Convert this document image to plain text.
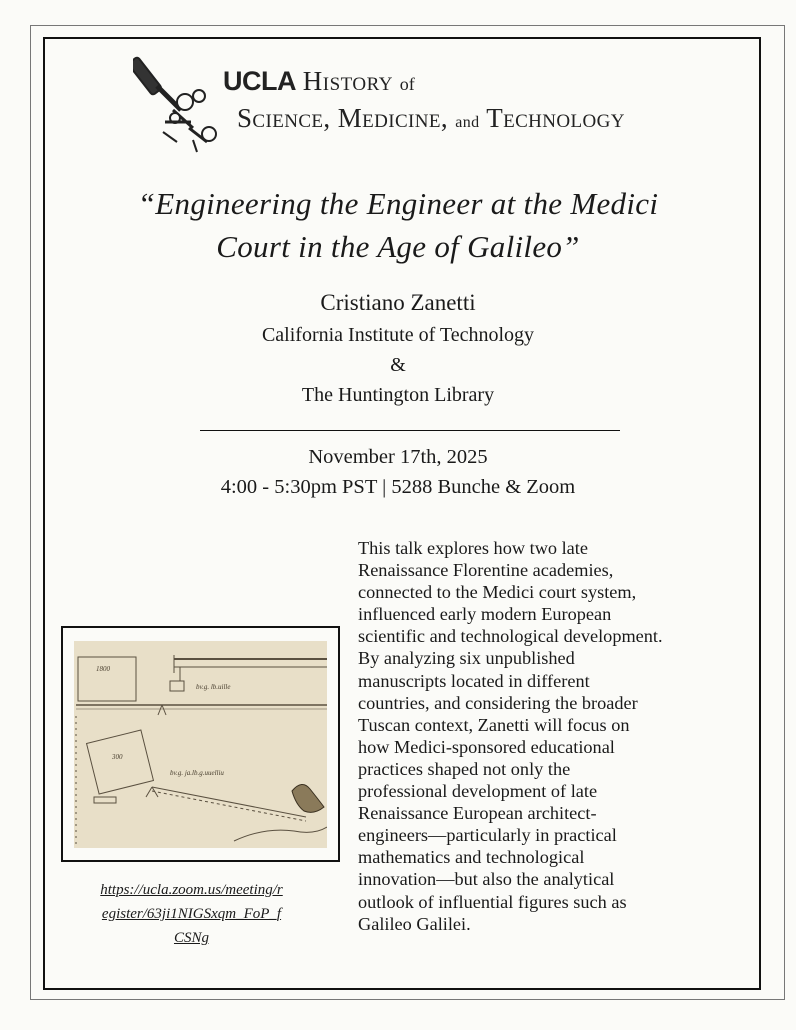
UCLA History of
Science, Medicine, and Technology
“Engineering the Engineer at the Medici
Court in the Age of Galileo”
Cristiano Zanetti
California Institute of Technology
&
The Huntington Library
November 17th, 2025
4:00 - 5:30pm PST | 5288 Bunche & Zoom
This talk explores how two late
Renaissance Florentine academies,
connected to the Medici court system,
influenced early modern European
scientific and technological development.
By analyzing six unpublished
manuscripts located in different
countries, and considering the broader
Tuscan context, Zanetti will focus on
how Medici-sponsored educational
practices shaped not only the
professional development of late
Renaissance European architect-
engineers—particularly in practical
mathematics and technological
innovation—but also the analytical
outlook of influential figures such as
Galileo Galilei.
1800
300
bv.g. lb.uille
bv.g. ja.lb.g.uuelliu
https://ucla.zoom.us/meeting/r
egister/63ji1NIGSxqm_FoP_f
CSNg
